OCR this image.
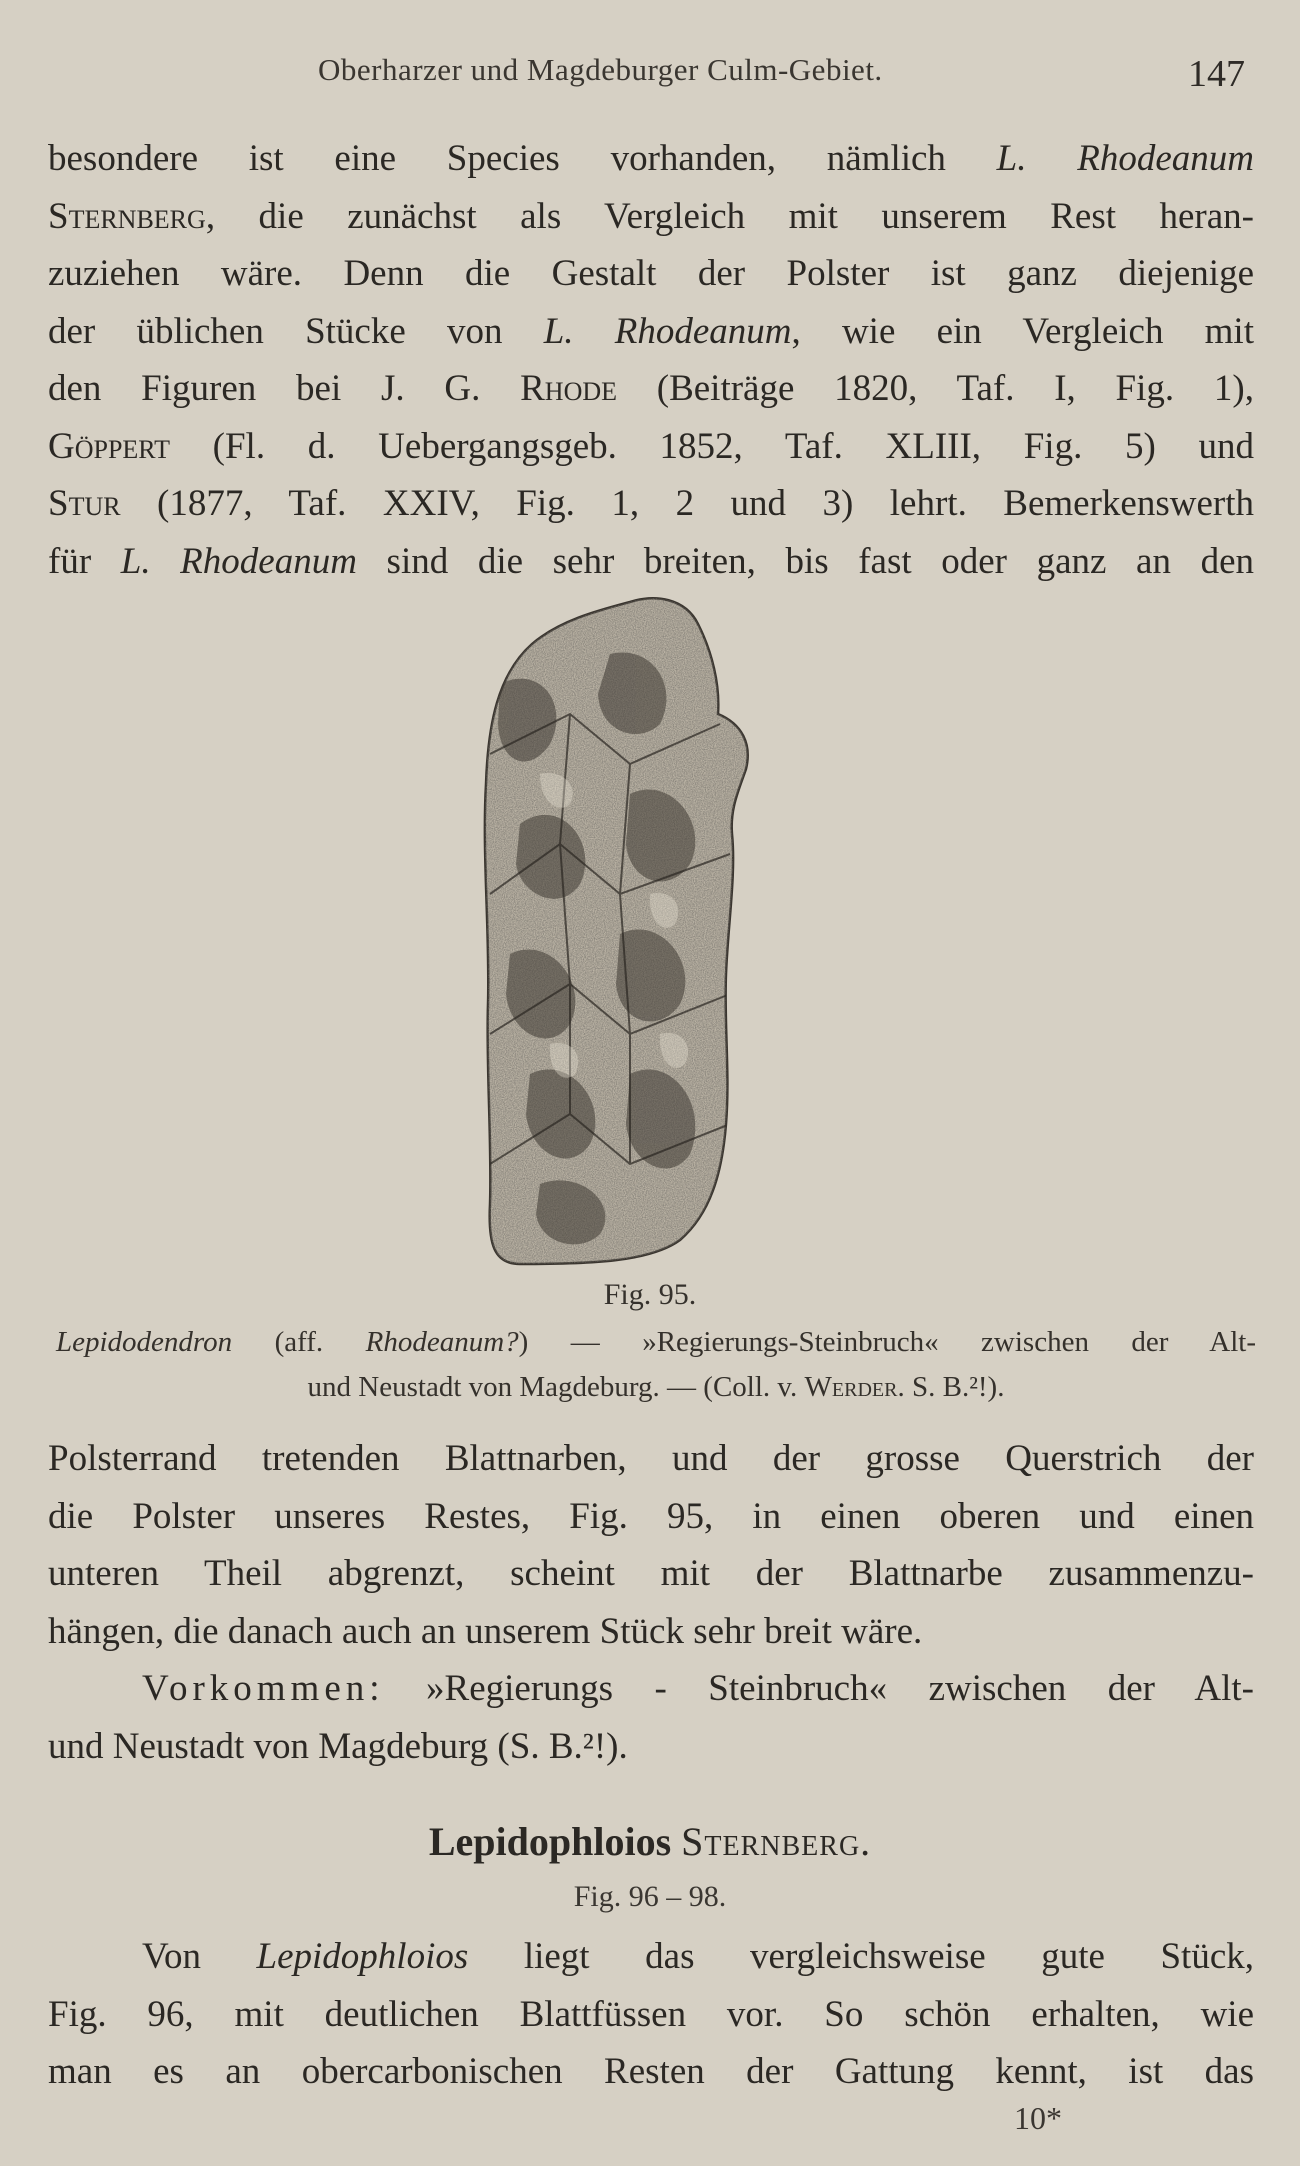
Oberharzer und Magdeburger Culm-Gebiet.	147
besondere ist eine Species vorhanden, nämlich L. Rhodeanum
Sternberg, die zunächst als Vergleich mit unserem Rest heran-
zuziehen wäre. Denn die Gestalt der Polster ist ganz diejenige
der üblichen Stücke von L. Rhodeanum, wie ein Vergleich mit
den Figuren bei J. G. Rhode (Beiträge 1820, Taf. I, Fig. 1),
Göppert (Fl. d. Uebergangsgeb. 1852, Taf. XLIII, Fig. 5) und
Stur (1877, Taf. XXIV, Fig. 1, 2 und 3) lehrt. Bemerkenswerth
für L. Rhodeanum sind die sehr breiten, bis fast oder ganz an den
Fig. 95.
Lepidodendron (aff. Rhodeanum?) — »Regierungs-Steinbruch« zwischen der Alt-
und Neustadt von Magdeburg. — (Coll. v. Werder. S. B.²!).
Polsterrand tretenden Blattnarben, und der grosse Querstrich der
die Polster unseres Restes, Fig. 95, in einen oberen und einen
unteren Theil abgrenzt, scheint mit der Blattnarbe zusammenzu-
hängen, die danach auch an unserem Stück sehr breit wäre.
Vorkommen: »Regierungs - Steinbruch« zwischen der Alt-
und Neustadt von Magdeburg (S. B.²!).
Lepidophloios Sternberg.
Fig. 96 – 98.
Von Lepidophloios liegt das vergleichsweise gute Stück,
Fig. 96, mit deutlichen Blattfüssen vor. So schön erhalten, wie
man es an obercarbonischen Resten der Gattung kennt, ist das
10*
